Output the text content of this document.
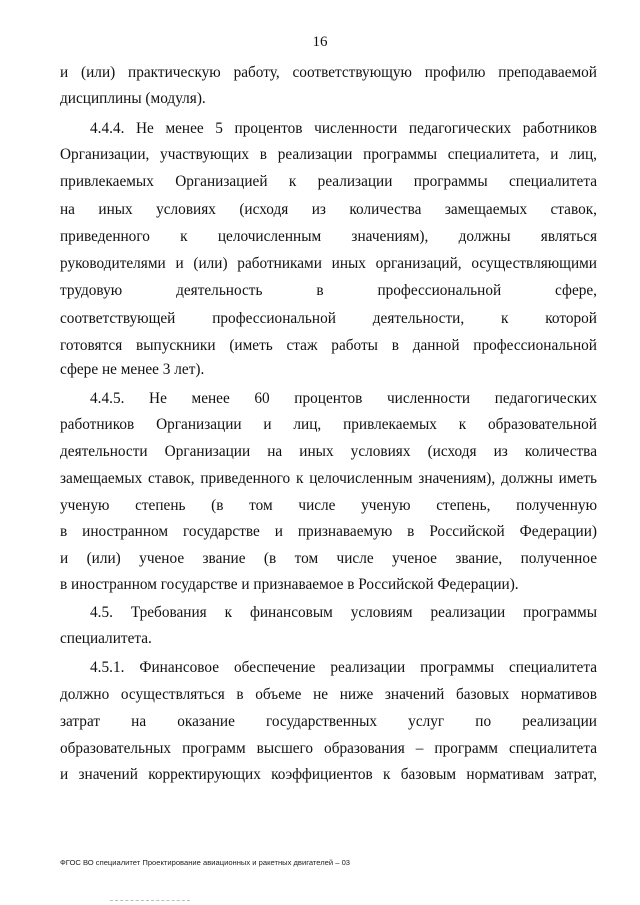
16
и (или) практическую работу, соответствующую профилю преподаваемой
дисциплины (модуля).
4.4.4. Не менее 5 процентов численности педагогических работников
Организации, участвующих в реализации программы специалитета, и лиц,
привлекаемых Организацией к реализации программы специалитета
на иных условиях (исходя из количества замещаемых ставок,
приведенного к целочисленным значениям), должны являться
руководителями и (или) работниками иных организаций, осуществляющими
трудовую деятельность в профессиональной сфере,
соответствующей профессиональной деятельности, к которой
готовятся выпускники (иметь стаж работы в данной профессиональной
сфере не менее 3 лет).
4.4.5. Не менее 60 процентов численности педагогических
работников Организации и лиц, привлекаемых к образовательной
деятельности Организации на иных условиях (исходя из количества
замещаемых ставок, приведенного к целочисленным значениям), должны иметь
ученую степень (в том числе ученую степень, полученную
в иностранном государстве и признаваемую в Российской Федерации)
и (или) ученое звание (в том числе ученое звание, полученное
в иностранном государстве и признаваемое в Российской Федерации).
4.5. Требования к финансовым условиям реализации программы
специалитета.
4.5.1. Финансовое обеспечение реализации программы специалитета
должно осуществляться в объеме не ниже значений базовых нормативов
затрат на оказание государственных услуг по реализации
образовательных программ высшего образования – программ специалитета
и значений корректирующих коэффициентов к базовым нормативам затрат,
ФГОС ВО специалитет Проектирование авиационных и ракетных двигателей – 03
